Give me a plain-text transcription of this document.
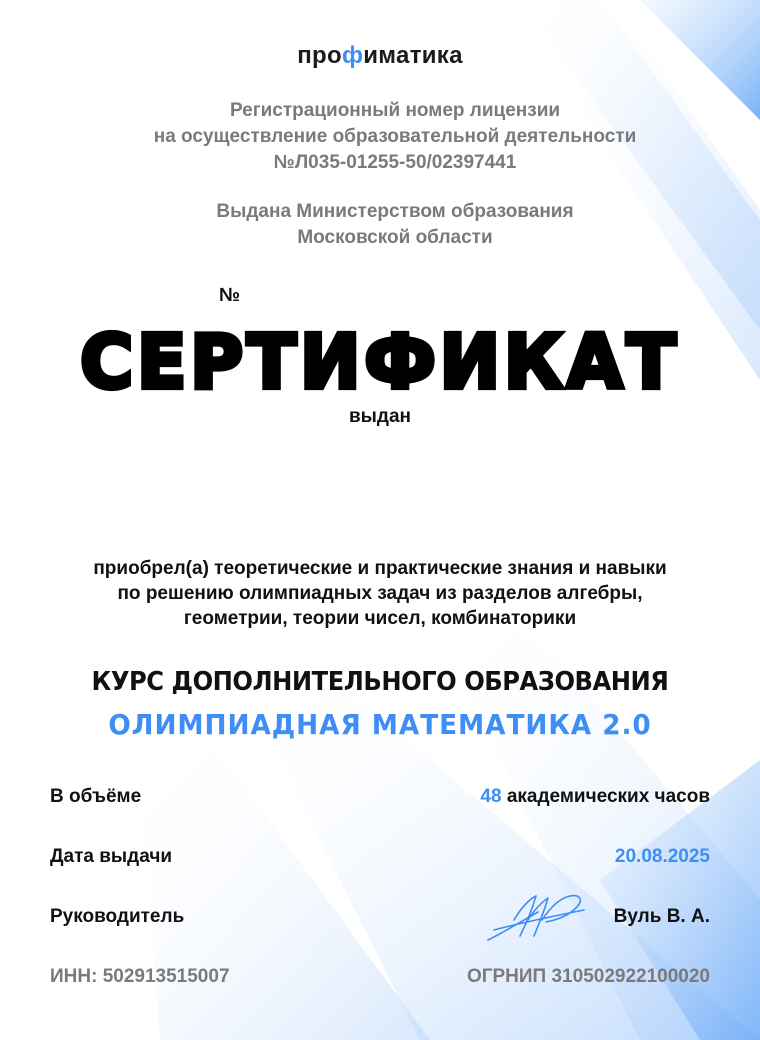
профиматика
Регистрационный номер лицензии
на осуществление образовательной деятельности
№Л035-01255-50/02397441
Выдана Министерством образования
Московской области
№
СЕРТИФИКАТ
выдан
приобрел(а) теоретические и практические знания и навыки
по решению олимпиадных задач из разделов алгебры,
геометрии, теории чисел, комбинаторики
КУРС ДОПОЛНИТЕЛЬНОГО ОБРАЗОВАНИЯ
ОЛИМПИАДНАЯ МАТЕМАТИКА 2.0
В объёме	48 академических часов
Дата выдачи	20.08.2025
Руководитель	Вуль В. А.
ИНН: 502913515007	ОГРНИП 310502922100020
